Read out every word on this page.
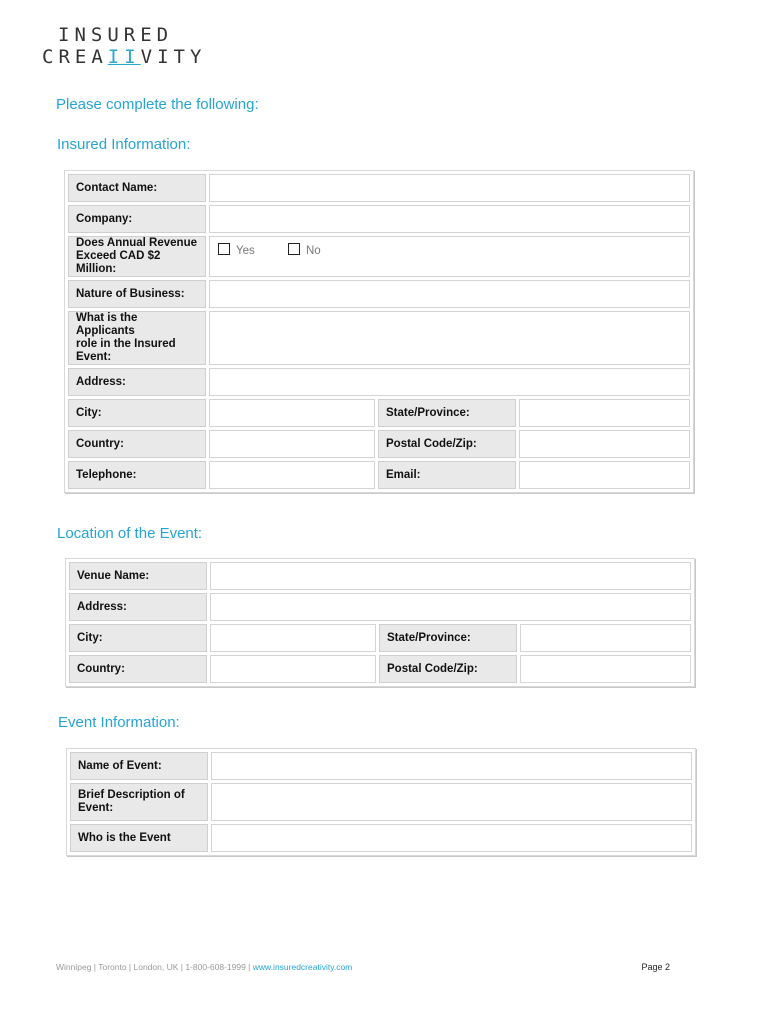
INSURED
CREAIIVITY
Please complete the following:
Insured Information:
Contact Name:			
Company:			
Does Annual Revenue
Exceed CAD $2 Million:	Yes No		

Nature of Business:			
What is the Applicants
role in the Insured
Event:			
Address:			
City:		State/Province:	
Country:		Postal Code/Zip:	
Telephone:		Email:	
Location of the Event:
Venue Name:			
Address:			
City:		State/Province:	
Country:		Postal Code/Zip:	
Event Information:
Name of Event:	
Brief Description of
Event:	
Who is the Event	
Winnipeg | Toronto | London, UK | 1-800-608-1999 | www.insuredcreativity.com	Page 2
